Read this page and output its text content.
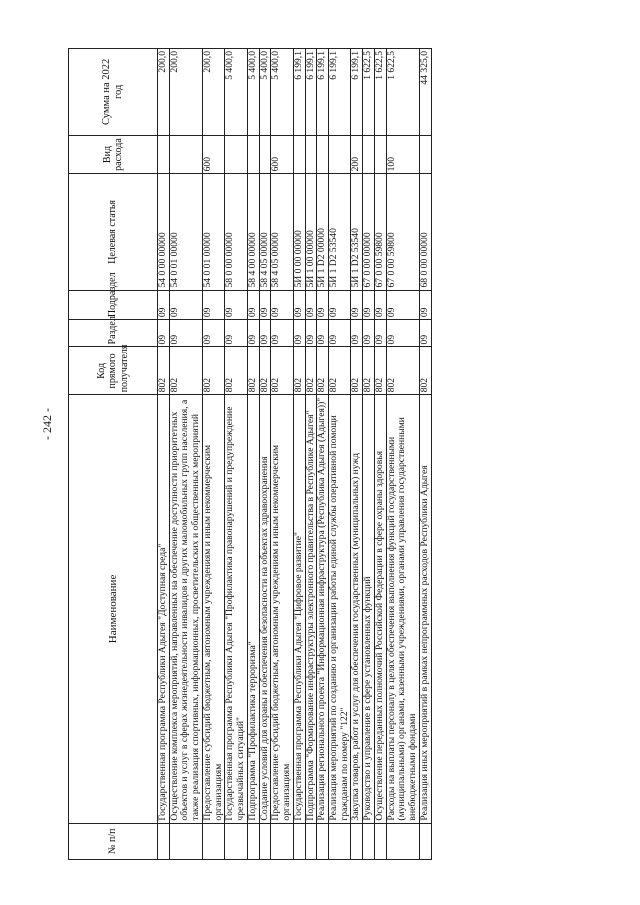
- 242 -
№ п/п	Наименование	Код прямого получателя	Раздел	Подраздел	Целевая статья	Вид расхода	Сумма на 2022 год
	Государственная программа Республики Адыгея "Доступная среда"	802	09	09	54 0 00 00000		200,0
	Осуществление комплекса мероприятий, направленных на обеспечение доступности приоритетных объектов и услуг в сферах жизнедеятельности инвалидов и других маломобильных групп населения, а также реализация спортивных, информационных, просветительских и общественных мероприятий	802	09	09	54 0 01 00000		200,0
	Предоставление субсидий бюджетным, автономным учреждениям и иным некоммерческим организациям	802	09	09	54 0 01 00000	600	200,0
	Государственная программа Республики Адыгея "Профилактика правонарушений и предупреждение чрезвычайных ситуаций"	802	09	09	58 0 00 00000		5 400,0
	Подпрограмма "Профилактика терроризма"	802	09	09	58 4 00 00000		5 400,0
	Создание условий для охраны и обеспечения безопасности на объектах здравоохранения	802	09	09	58 4 05 00000		5 400,0
	Предоставление субсидий бюджетным, автономным учреждениям и иным некоммерческим организациям	802	09	09	58 4 05 00000	600	5 400,0
	Государственная программа Республики Адыгея "Цифровое развитие"	802	09	09	5И 0 00 00000		6 199,1
	Подпрограмма "Формирование инфраструктуры электронного правительства в Республике Адыгея"	802	09	09	5И 1 00 00000		6 199,1
	Реализация регионального проекта "Информационная инфраструктура (Республика Адыгея (Адыгея))"	802	09	09	5И 1 D2 00000		6 199,1
	Реализация мероприятий по созданию и организации работы единой службы оперативной помощи гражданам по номеру "122"	802	09	09	5И 1 D2 53540		6 199,1
	Закупка товаров, работ и услуг для обеспечения государственных (муниципальных) нужд	802	09	09	5И 1 D2 53540	200	6 199,1
	Руководство и управление в сфере установленных функций	802	09	09	67 0 00 00000		1 622,5
	Осуществление переданных полномочий Российской Федерации в сфере охраны здоровья	802	09	09	67 0 00 59800		1 622,5
	Расходы на выплаты персоналу в целях обеспечения выполнения функций государственными (муниципальными) органами, казенными учреждениями, органами управления государственными внебюджетными фондами	802	09	09	67 0 00 59800	100	1 622,5
	Реализация иных мероприятий в рамках непрограммных расходов Республики Адыгея	802	09	09	68 0 00 00000		44 325,0
